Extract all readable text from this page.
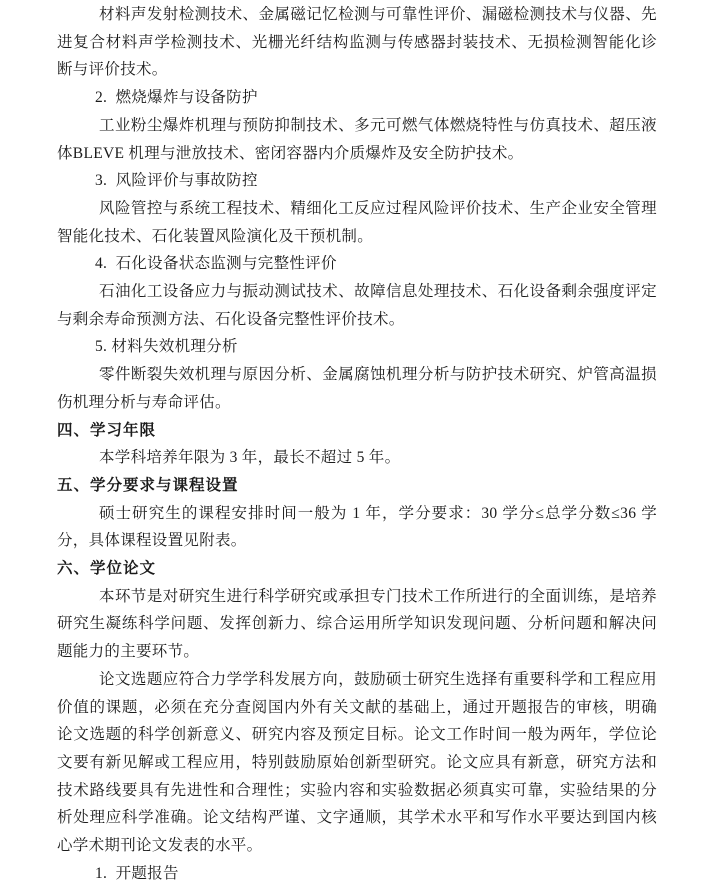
材料声发射检测技术、金属磁记忆检测与可靠性评价、漏磁检测技术与仪器、先进复合材料声学检测技术、光栅光纤结构监测与传感器封装技术、无损检测智能化诊断与评价技术。
2.  燃烧爆炸与设备防护
工业粉尘爆炸机理与预防抑制技术、多元可燃气体燃烧特性与仿真技术、超压液体BLEVE 机理与泄放技术、密闭容器内介质爆炸及安全防护技术。
3.  风险评价与事故防控
风险管控与系统工程技术、精细化工反应过程风险评价技术、生产企业安全管理智能化技术、石化装置风险演化及干预机制。
4.  石化设备状态监测与完整性评价
石油化工设备应力与振动测试技术、故障信息处理技术、石化设备剩余强度评定与剩余寿命预测方法、石化设备完整性评价技术。
5. 材料失效机理分析
零件断裂失效机理与原因分析、金属腐蚀机理分析与防护技术研究、炉管高温损伤机理分析与寿命评估。
四、学习年限
本学科培养年限为 3 年，最长不超过 5 年。
五、学分要求与课程设置
硕士研究生的课程安排时间一般为 1 年，学分要求：30 学分≤总学分数≤36 学分，具体课程设置见附表。
六、学位论文
本环节是对研究生进行科学研究或承担专门技术工作所进行的全面训练，是培养研究生凝练科学问题、发挥创新力、综合运用所学知识发现问题、分析问题和解决问题能力的主要环节。
论文选题应符合力学学科发展方向，鼓励硕士研究生选择有重要科学和工程应用价值的课题，必须在充分查阅国内外有关文献的基础上，通过开题报告的审核，明确论文选题的科学创新意义、研究内容及预定目标。论文工作时间一般为两年，学位论文要有新见解或工程应用，特别鼓励原始创新型研究。论文应具有新意，研究方法和技术路线要具有先进性和合理性；实验内容和实验数据必须真实可靠，实验结果的分析处理应科学准确。论文结构严谨、文字通顺，其学术水平和写作水平要达到国内核心学术期刊论文发表的水平。
1.  开题报告
